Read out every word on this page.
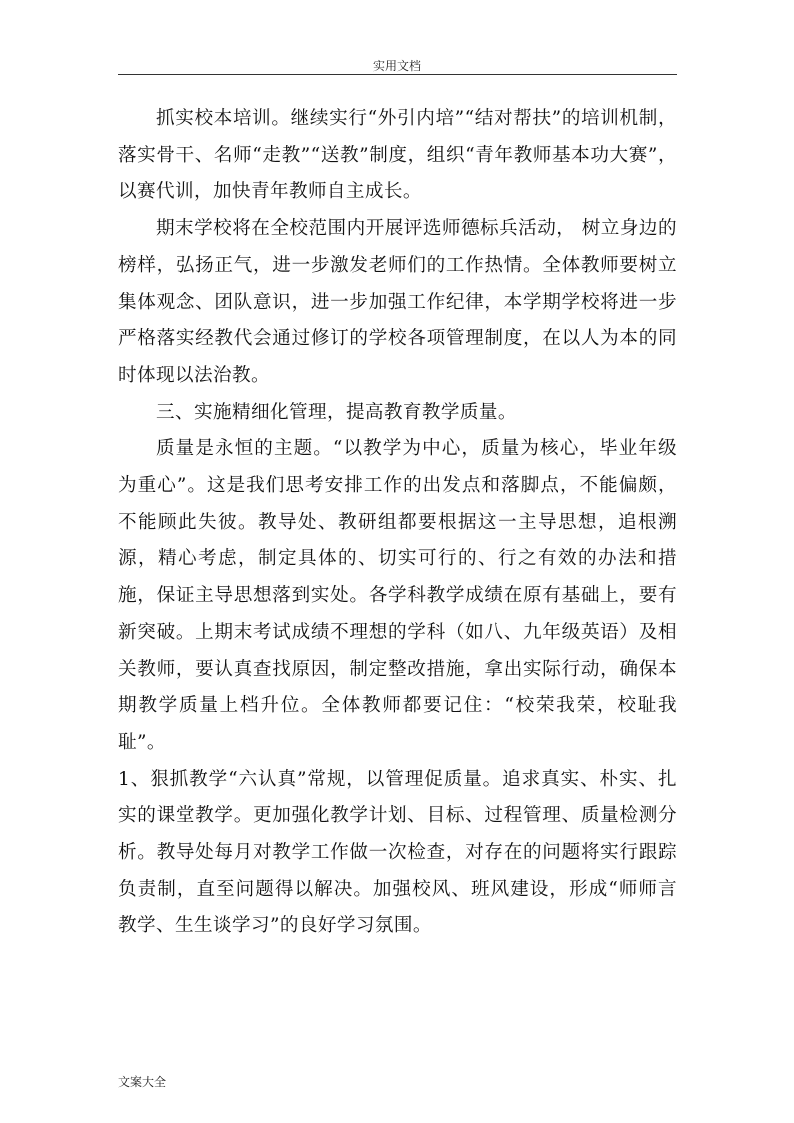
实用文档

抓实校本培训。继续实行“外引内培”“结对帮扶”的培训机制，落实骨干、名师“走教”“送教”制度，组织“青年教师基本功大赛”，以赛代训，加快青年教师自主成长。

期末学校将在全校范围内开展评选师德标兵活动， 树立身边的榜样，弘扬正气，进一步激发老师们的工作热情。全体教师要树立集体观念、团队意识，进一步加强工作纪律，本学期学校将进一步严格落实经教代会通过修订的学校各项管理制度，在以人为本的同时体现以法治教。

三、实施精细化管理，提高教育教学质量。

质量是永恒的主题。“以教学为中心，质量为核心，毕业年级为重心”。这是我们思考安排工作的出发点和落脚点，不能偏颇，不能顾此失彼。教导处、教研组都要根据这一主导思想，追根溯源，精心考虑，制定具体的、切实可行的、行之有效的办法和措施，保证主导思想落到实处。各学科教学成绩在原有基础上，要有新突破。上期末考试成绩不理想的学科（如八、九年级英语）及相关教师，要认真查找原因，制定整改措施，拿出实际行动，确保本期教学质量上档升位。全体教师都要记住：“校荣我荣，校耻我耻”。

1、狠抓教学“六认真”常规，以管理促质量。追求真实、朴实、扎实的课堂教学。更加强化教学计划、目标、过程管理、质量检测分析。教导处每月对教学工作做一次检查，对存在的问题将实行跟踪负责制，直至问题得以解决。加强校风、班风建设，形成“师师言教学、生生谈学习”的良好学习氛围。

文案大全
